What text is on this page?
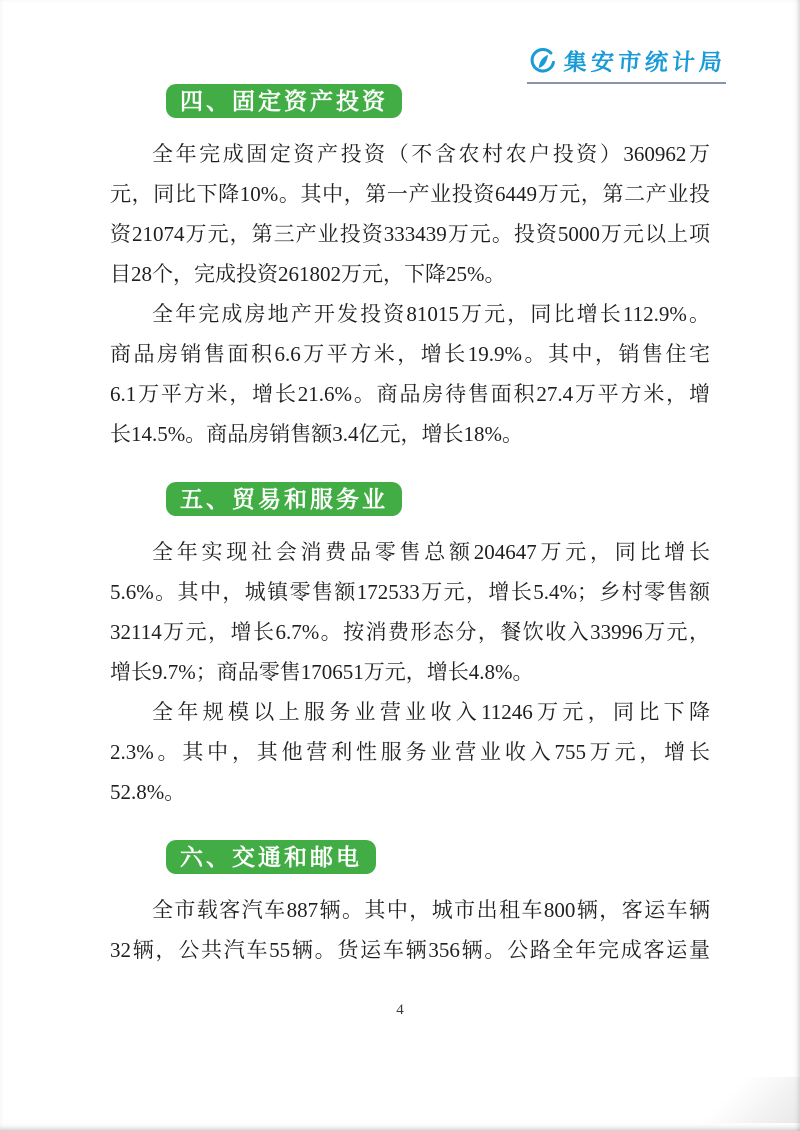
集安市统计局
四、固定资产投资
全年完成固定资产投资（不含农村农户投资）360962万
元，同比下降10%。其中，第一产业投资6449万元，第二产业投
资21074万元，第三产业投资333439万元。投资5000万元以上项
目28个，完成投资261802万元，下降25%。
全年完成房地产开发投资81015万元，同比增长112.9%。
商品房销售面积6.6万平方米，增长19.9%。其中，销售住宅
6.1万平方米，增长21.6%。商品房待售面积27.4万平方米，增
长14.5%。商品房销售额3.4亿元，增长18%。
五、贸易和服务业
全年实现社会消费品零售总额204647万元，同比增长
5.6%。其中，城镇零售额172533万元，增长5.4%；乡村零售额
32114万元，增长6.7%。按消费形态分，餐饮收入33996万元，
增长9.7%；商品零售170651万元，增长4.8%。
全年规模以上服务业营业收入11246万元，同比下降
2.3%。其中，其他营利性服务业营业收入755万元，增长
52.8%。
六、交通和邮电
全市载客汽车887辆。其中，城市出租车800辆，客运车辆
32辆，公共汽车55辆。货运车辆356辆。公路全年完成客运量
4
